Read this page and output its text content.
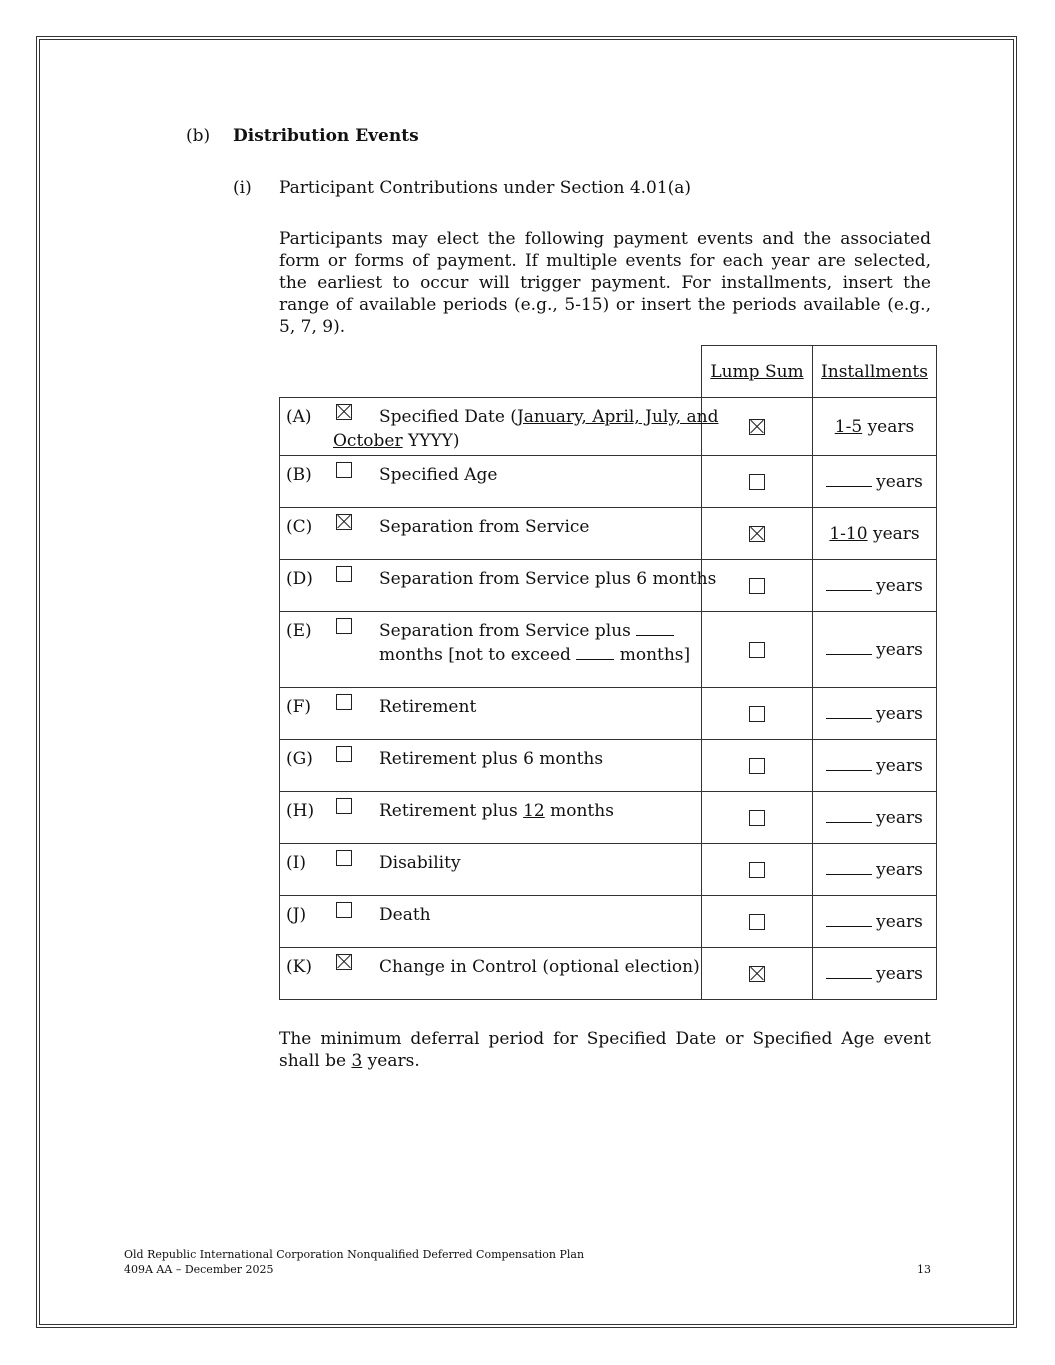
(b) Distribution Events
(i) Participant Contributions under Section 4.01(a)
Participants may elect the following payment events and the associated form or forms of payment. If multiple events for each year are selected, the earliest to occur will trigger payment. For installments, insert the range of available periods (e.g., 5-15) or insert the periods available (e.g., 5, 7, 9).
	Lump Sum	Installments

(A) Specified Date (January, April, July, and
October YYYY)		1-5 years

(B) Specified Age		years

(C) Separation from Service		1-10 years

(D) Separation from Service plus 6 months		years

(E) Separation from Service plus
months [not to exceed months]		years

(F) Retirement		years

(G) Retirement plus 6 months		years

(H) Retirement plus 12 months		years

(I) Disability		years

(J) Death		years

(K) Change in Control (optional election)		years
The minimum deferral period for Specified Date or Specified Age event shall be 3 years.
Old Republic International Corporation Nonqualified Deferred Compensation Plan
409A AA – December 2025	13
